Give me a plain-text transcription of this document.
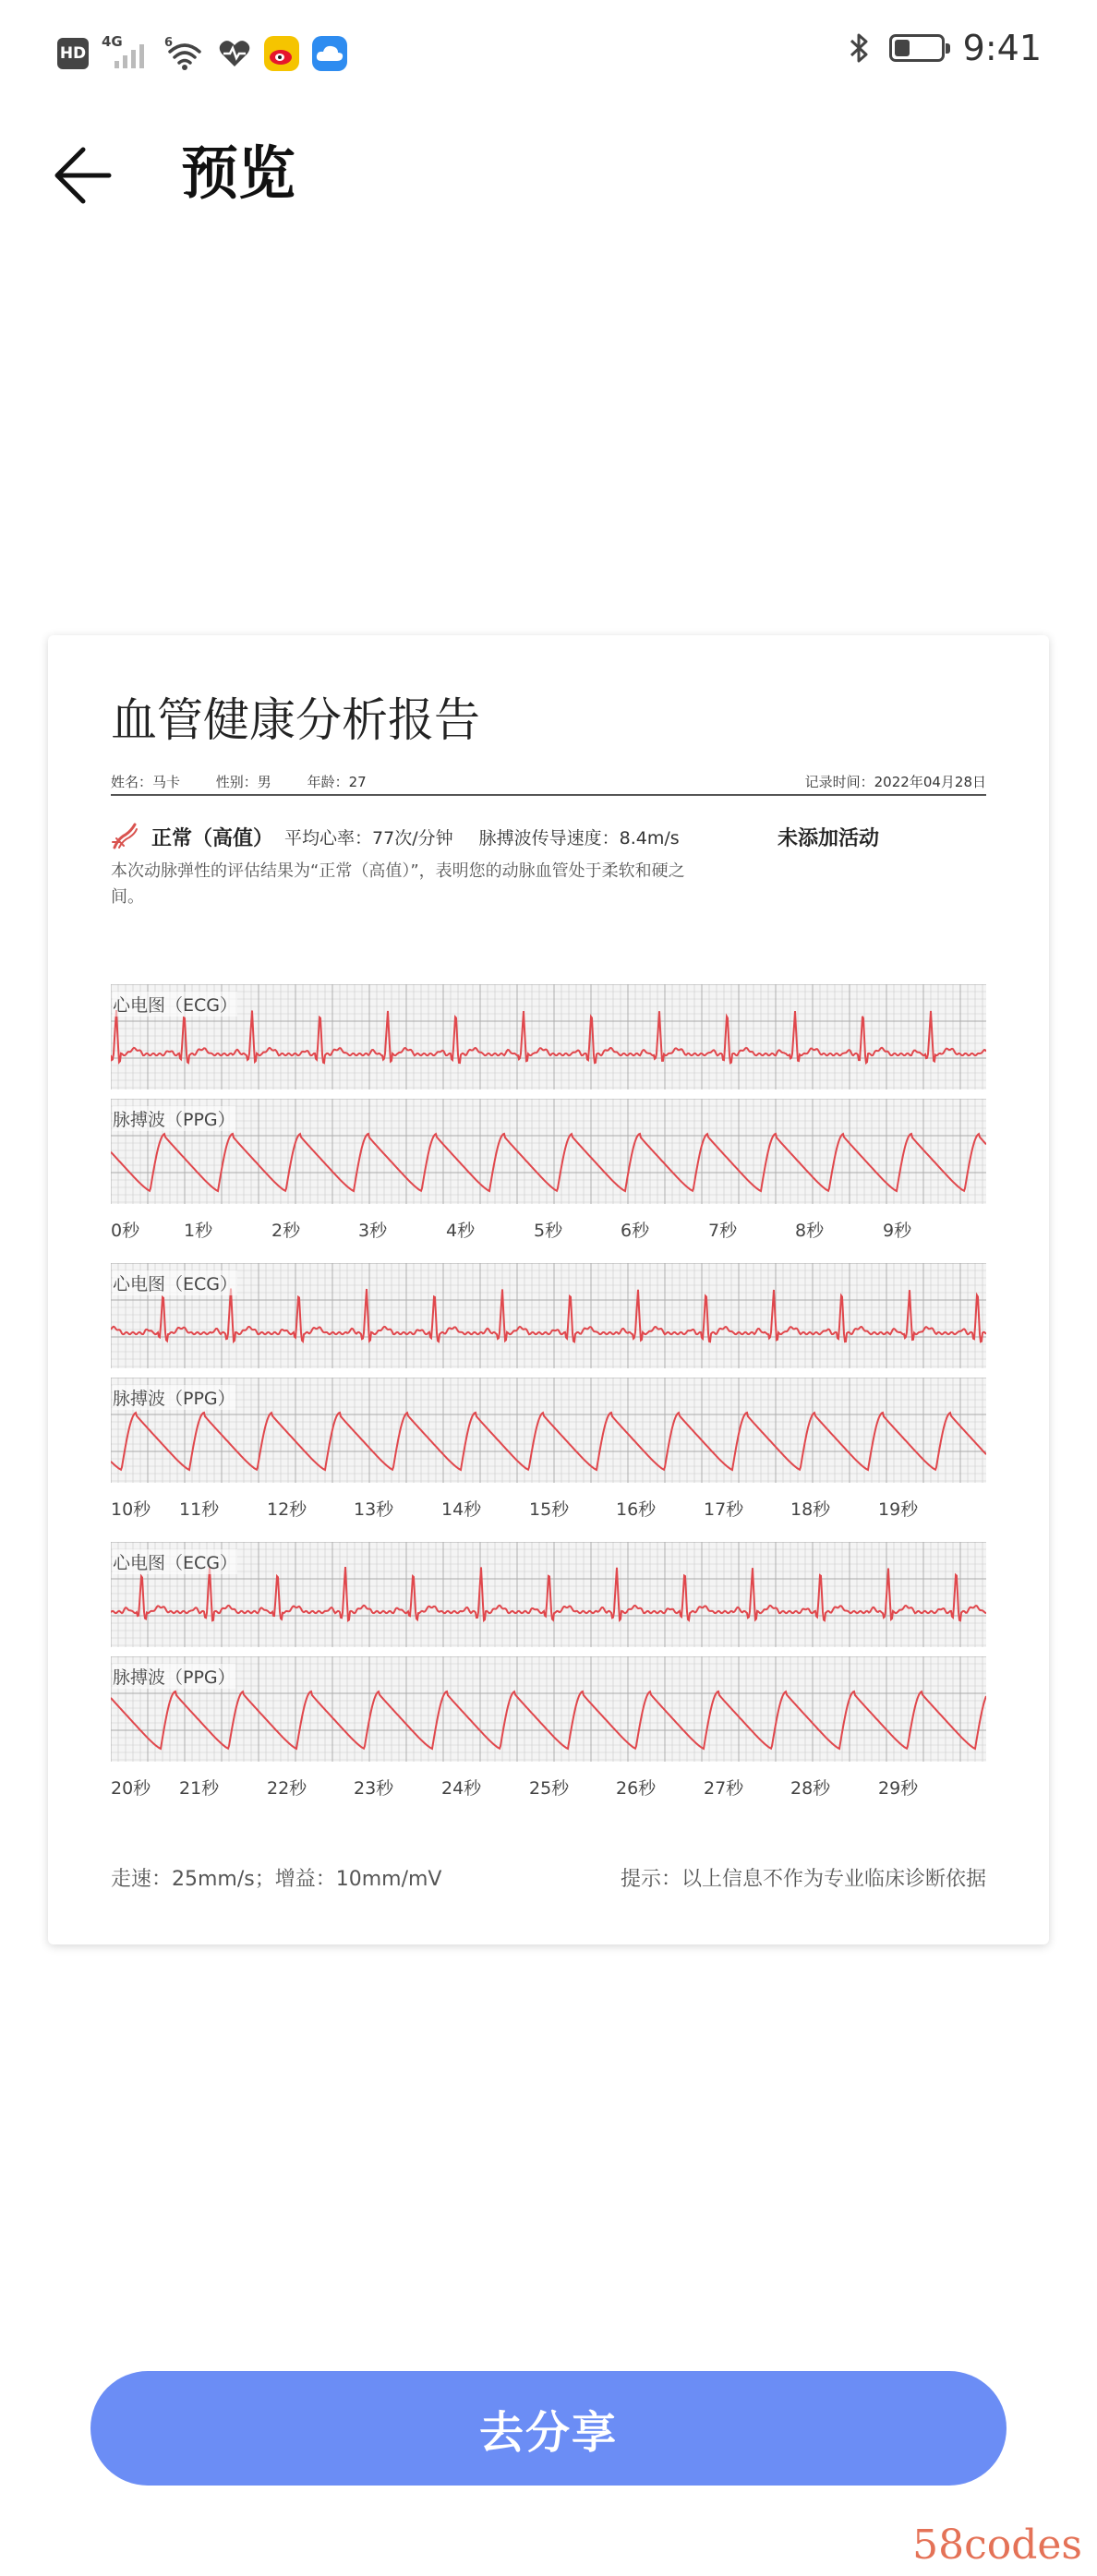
HD
4G	6	9:41
预览
血管健康分析报告
姓名：马卡	性别：男	年龄：27	记录时间：2022年04月28日
正常（高值） 平均心率：77次/分钟 脉搏波传导速度：8.4m/s	未添加活动
本次动脉弹性的评估结果为“正常（高值）”，表明您的动脉血管处于柔软和硬之间。
心电图（ECG）
脉搏波（PPG）
0秒	1秒	2秒	3秒	4秒	5秒	6秒	7秒	8秒	9秒
心电图（ECG）
脉搏波（PPG）
10秒 11秒	12秒	13秒	14秒	15秒	16秒	17秒	18秒	19秒
心电图（ECG）
脉搏波（PPG）
20秒 21秒	22秒	23秒	24秒	25秒	26秒	27秒	28秒	29秒
走速：25mm/s；增益：10mm/mV	提示：以上信息不作为专业临床诊断依据
去分享
58codes
